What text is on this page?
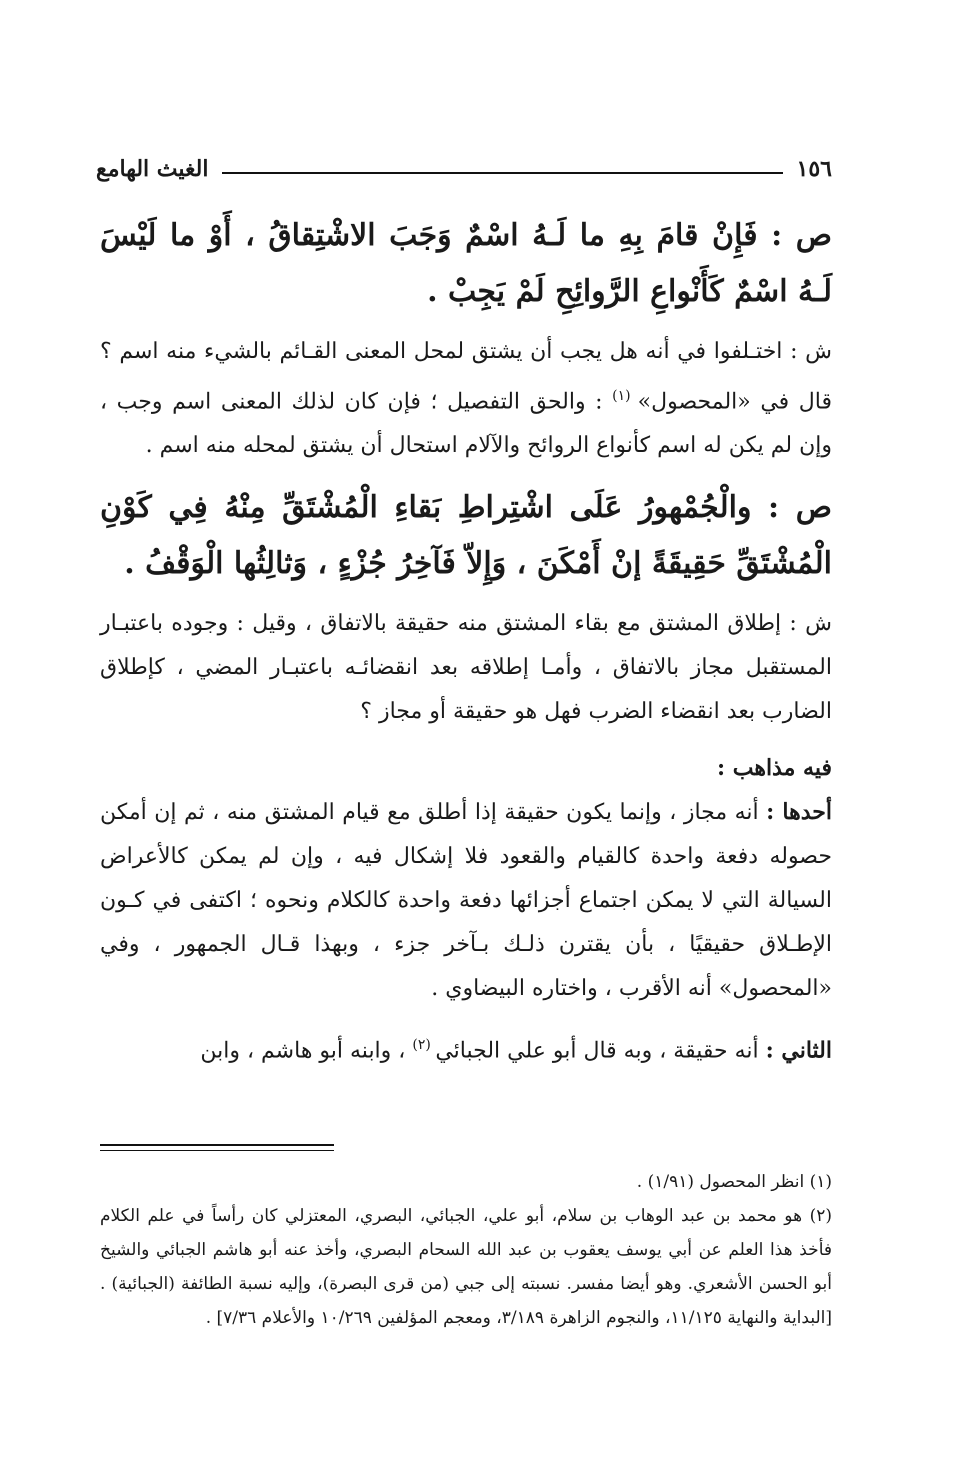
١٥٦
الغيث الهامع

ص : فَإِنْ قامَ بِهِ ما لَـهُ اسْمٌ وَجَبَ الاشْتِقاقُ ، أَوْ ما لَيْسَ لَـهُ اسْمٌ كَأَنْواعِ الرَّوائِحِ لَمْ يَجِبْ .

ش : اختـلفوا في أنه هل يجب أن يشتق لمحل المعنى القـائم بالشيء منه اسم ؟ قال في «المحصول» $^{(١)}$ : والحق التفصيل ؛ فإن كان لذلك المعنى اسم وجب ، وإن لم يكن له اسم كأنواع الروائح والآلام استحال أن يشتق لمحله منه اسم .

ص : والْجُمْهورُ عَلَى اشْتِراطِ بَقاءِ الْمُشْتَقِّ مِنْهُ فِي كَوْنِ الْمُشْتَقِّ حَقِيقَةً إنْ أَمْكَنَ ، وَإِلاّ فَآخِرُ جُزْءٍ ، وَثالِثُها الْوَقْفُ .

ش : إطلاق المشتق مع بقاء المشتق منه حقيقة بالاتفاق ، وقيل : وجوده باعتبـار المستقبل مجاز بالاتفاق ، وأمـا إطلاقه بعد انقضائـه باعتبـار المضي ، كإطلاق الضارب بعد انقضاء الضرب فهل هو حقيقة أو مجاز ؟

فيه مذاهب :

أحدها : أنه مجاز ، وإنما يكون حقيقة إذا أطلق مع قيام المشتق منه ، ثم إن أمكن حصوله دفعة واحدة كالقيام والقعود فلا إشكال فيه ، وإن لم يمكن كالأعراض السيالة التي لا يمكن اجتماع أجزائها دفعة واحدة كالكلام ونحوه ؛ اكتفى في كـون الإطـلاق حقيقيًا ، بأن يقترن ذلـك بـآخر جزء ، وبهذا قـال الجمهور ، وفي «المحصول» أنه الأقرب ، واختاره البيضاوي .

الثاني : أنه حقيقة ، وبه قال أبو علي الجبائي $^{(٢)}$ ، وابنه أبو هاشم ، وابن

(١) انظر المحصول (١/٩١) .

(٢) هو محمد بن عبد الوهاب بن سلام، أبو علي، الجبائي، البصري، المعتزلي كان رأساً في علم الكلام فأخذ هذا العلم عن أبي يوسف يعقوب بن عبد الله السحام البصري، وأخذ عنه أبو هاشم الجبائي والشيخ أبو الحسن الأشعري. وهو أيضا مفسر. نسبته إلى جبي (من قرى البصرة)، وإليه نسبة الطائفة (الجبائية) . [البداية والنهاية ١١/١٢٥، والنجوم الزاهرة ٣/١٨٩، ومعجم المؤلفين ١٠/٢٦٩ والأعلام ٧/٣٦] .
